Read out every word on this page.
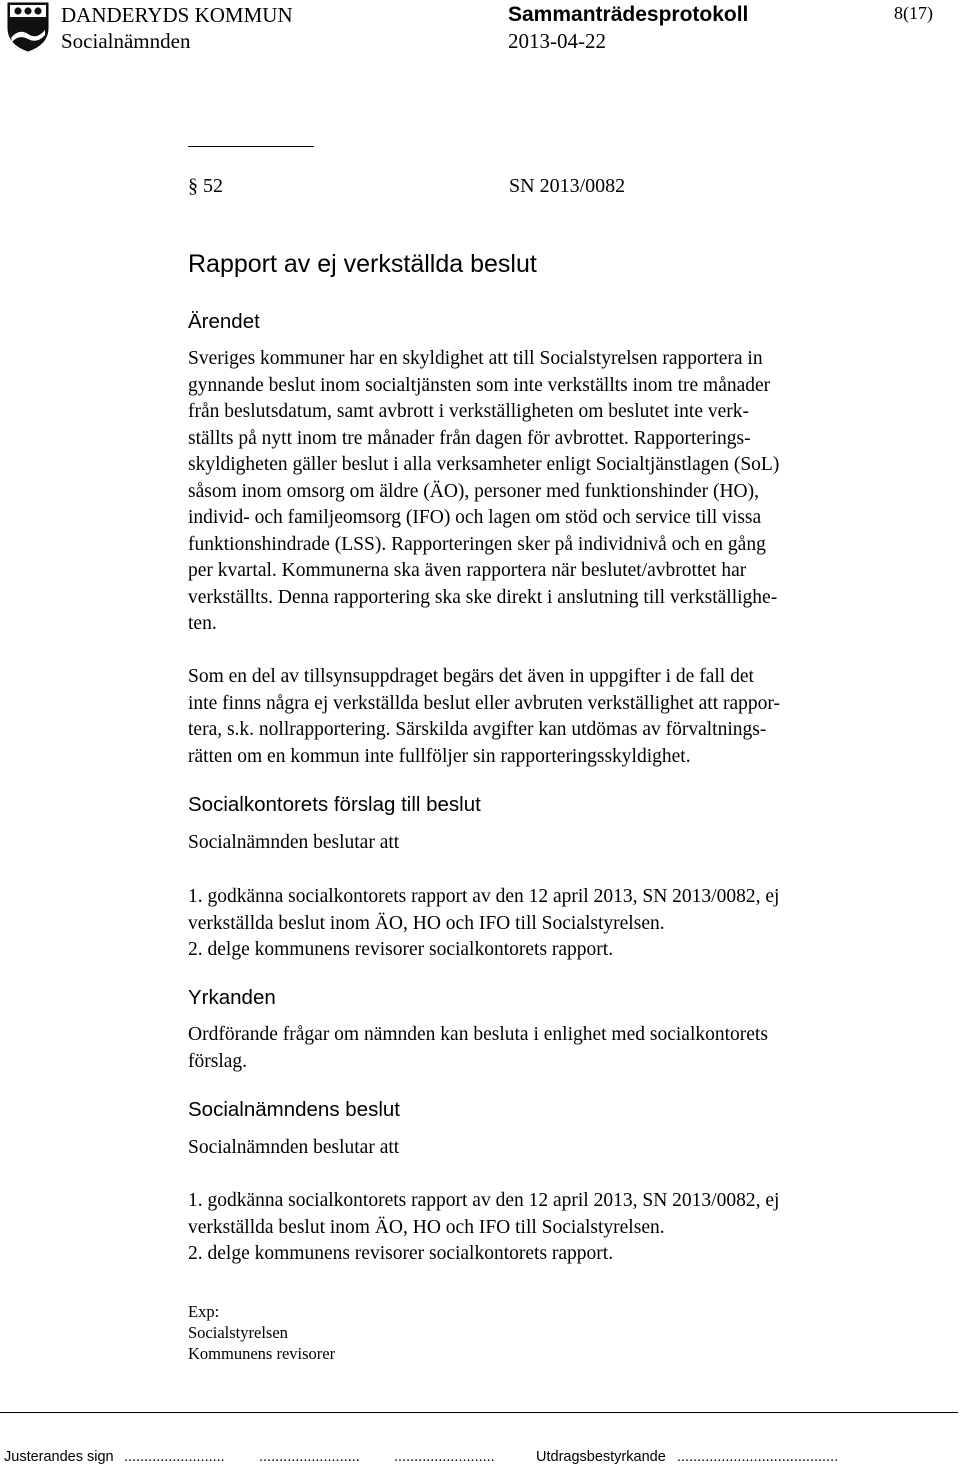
DANDERYDS KOMMUN	Sammanträdesprotokoll	8(17)
Socialnämnden	2013-04-22
§ 52	SN 2013/0082
Rapport av ej verkställda beslut
Ärendet
Sveriges kommuner har en skyldighet att till Socialstyrelsen rapportera in
gynnande beslut inom socialtjänsten som inte verkställts inom tre månader
från beslutsdatum, samt avbrott i verkställigheten om beslutet inte verk-
ställts på nytt inom tre månader från dagen för avbrottet. Rapporterings-
skyldigheten gäller beslut i alla verksamheter enligt Socialtjänstlagen (SoL)
såsom inom omsorg om äldre (ÄO), personer med funktionshinder (HO),
individ- och familjeomsorg (IFO) och lagen om stöd och service till vissa
funktionshindrade (LSS). Rapporteringen sker på individnivå och en gång
per kvartal. Kommunerna ska även rapportera när beslutet/avbrottet har
verkställts. Denna rapportering ska ske direkt i anslutning till verkställighe-
ten.
Som en del av tillsynsuppdraget begärs det även in uppgifter i de fall det
inte finns några ej verkställda beslut eller avbruten verkställighet att rappor-
tera, s.k. nollrapportering. Särskilda avgifter kan utdömas av förvaltnings-
rätten om en kommun inte fullföljer sin rapporteringsskyldighet.
Socialkontorets förslag till beslut
Socialnämnden beslutar att
1. godkänna socialkontorets rapport av den 12 april 2013, SN 2013/0082, ej
verkställda beslut inom ÄO, HO och IFO till Socialstyrelsen.
2. delge kommunens revisorer socialkontorets rapport.
Yrkanden
Ordförande frågar om nämnden kan besluta i enlighet med socialkontorets
förslag.
Socialnämndens beslut
Socialnämnden beslutar att
1. godkänna socialkontorets rapport av den 12 april 2013, SN 2013/0082, ej
verkställda beslut inom ÄO, HO och IFO till Socialstyrelsen.
2. delge kommunens revisorer socialkontorets rapport.
Exp:
Socialstyrelsen
Kommunens revisorer
Justerandes sign ......................... ......................... .........................	Utdragsbestyrkande ........................................
